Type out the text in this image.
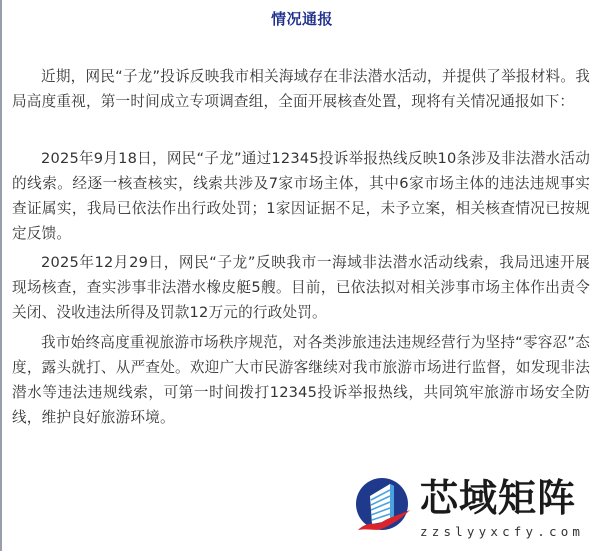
情况通报

近期，网民“子龙”投诉反映我市相关海域存在非法潜水活动，并提供了举报材料。我局高度重视，第一时间成立专项调查组，全面开展核查处置，现将有关情况通报如下：

2025年9月18日，网民“子龙”通过12345投诉举报热线反映10条涉及非法潜水活动的线索。经逐一核查核实，线索共涉及7家市场主体，其中6家市场主体的违法违规事实查证属实，我局已依法作出行政处罚；1家因证据不足，未予立案，相关核查情况已按规定反馈。

2025年12月29日，网民“子龙”反映我市一海域非法潜水活动线索，我局迅速开展现场核查，查实涉事非法潜水橡皮艇5艘。目前，已依法拟对相关涉事市场主体作出责令关闭、没收违法所得及罚款12万元的行政处罚。

我市始终高度重视旅游市场秩序规范，对各类涉旅违法违规经营行为坚持“零容忍”态度，露头就打、从严查处。欢迎广大市民游客继续对我市旅游市场进行监督，如发现非法潜水等违法违规线索，可第一时间拨打12345投诉举报热线，共同筑牢旅游市场安全防线，维护良好旅游环境。

芯域矩阵
zzslyyxcfy.com
